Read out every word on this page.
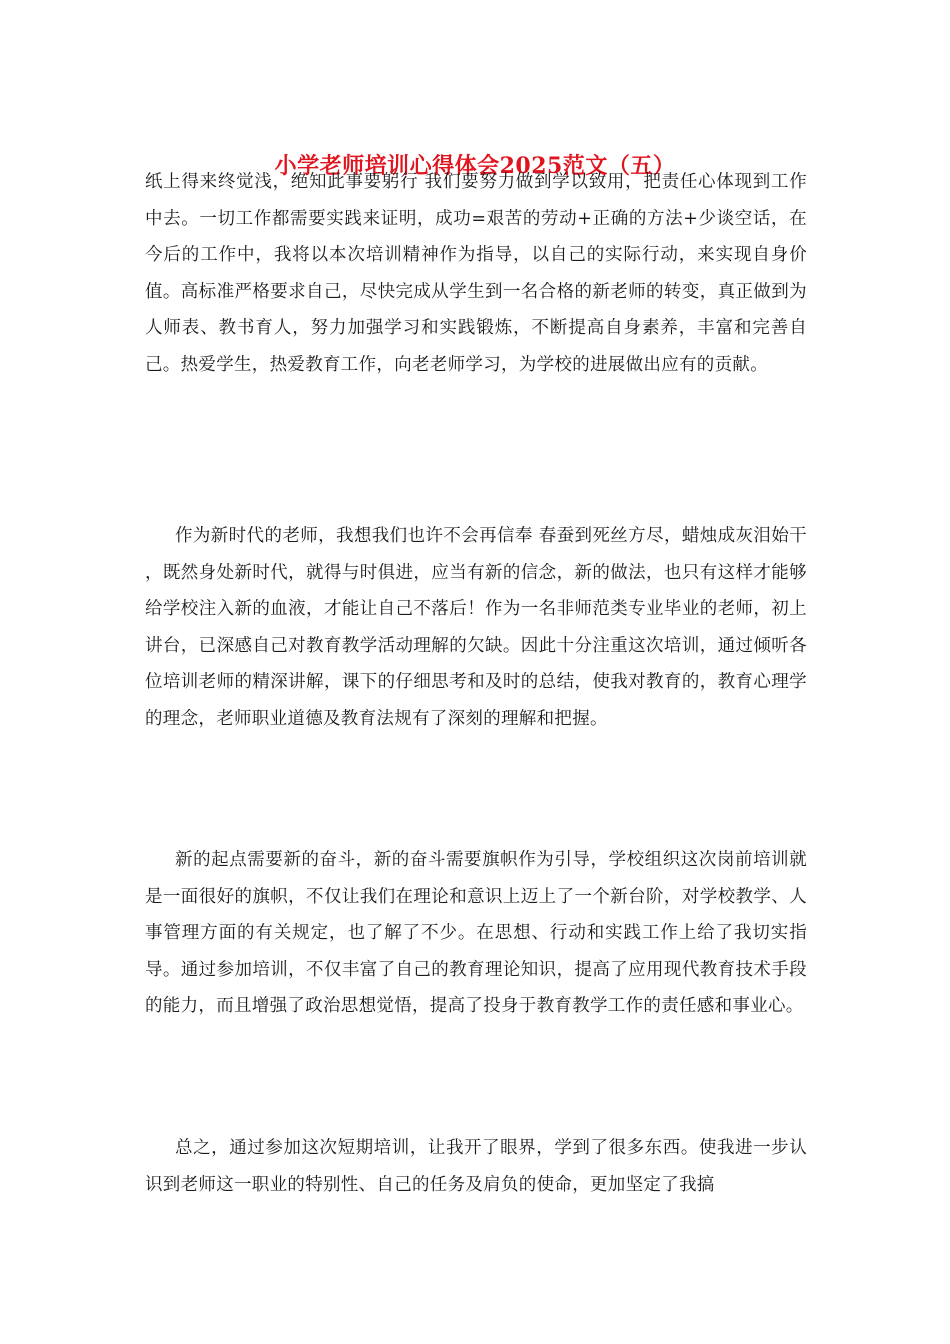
小学老师培训心得体会2025范文（五）

纸上得来终觉浅，绝知此事要躬行 我们要努力做到学以致用，把责任心体现到工作中去。一切工作都需要实践来证明，成功=艰苦的劳动+正确的方法+少谈空话，在今后的工作中，我将以本次培训精神作为指导，以自己的实际行动，来实现自身价值。高标准严格要求自己，尽快完成从学生到一名合格的新老师的转变，真正做到为人师表、教书育人，努力加强学习和实践锻炼，不断提高自身素养，丰富和完善自己。热爱学生，热爱教育工作，向老老师学习，为学校的进展做出应有的贡献。

作为新时代的老师，我想我们也许不会再信奉 春蚕到死丝方尽，蜡烛成灰泪始干 ，既然身处新时代，就得与时俱进，应当有新的信念，新的做法，也只有这样才能够给学校注入新的血液，才能让自己不落后！作为一名非师范类专业毕业的老师，初上讲台，已深感自己对教育教学活动理解的欠缺。因此十分注重这次培训，通过倾听各位培训老师的精深讲解，课下的仔细思考和及时的总结，使我对教育的，教育心理学的理念，老师职业道德及教育法规有了深刻的理解和把握。

新的起点需要新的奋斗，新的奋斗需要旗帜作为引导，学校组织这次岗前培训就是一面很好的旗帜，不仅让我们在理论和意识上迈上了一个新台阶，对学校教学、人事管理方面的有关规定，也了解了不少。在思想、行动和实践工作上给了我切实指导。通过参加培训，不仅丰富了自己的教育理论知识，提高了应用现代教育技术手段的能力，而且增强了政治思想觉悟，提高了投身于教育教学工作的责任感和事业心。

总之，通过参加这次短期培训，让我开了眼界，学到了很多东西。使我进一步认识到老师这一职业的特别性、自己的任务及肩负的使命，更加坚定了我搞
